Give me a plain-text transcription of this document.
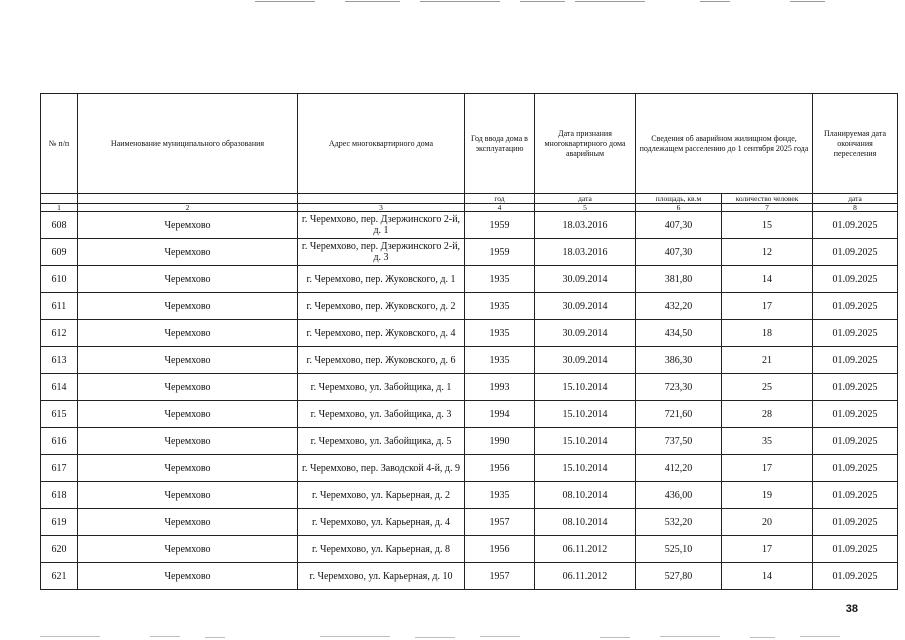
№ п/п	Наименование муниципального образования	Адрес многоквартирного дома	Год ввода дома в эксплуатацию	Дата признания многоквартирного дома аварийным	Сведения об аварийном жилищном фонде, подлежащем расселению до 1 сентября 2025 года		Планируемая дата окончания переселения
			год	дата	площадь, кв.м	количество человек	дата
1	2	3	4	5	6	7	8
608	Черемхово	г. Черемхово, пер. Дзержинского 2-й, д. 1	1959	18.03.2016	407,30	15	01.09.2025
609	Черемхово	г. Черемхово, пер. Дзержинского 2-й, д. 3	1959	18.03.2016	407,30	12	01.09.2025
610	Черемхово	г. Черемхово, пер. Жуковского, д. 1	1935	30.09.2014	381,80	14	01.09.2025
611	Черемхово	г. Черемхово, пер. Жуковского, д. 2	1935	30.09.2014	432,20	17	01.09.2025
612	Черемхово	г. Черемхово, пер. Жуковского, д. 4	1935	30.09.2014	434,50	18	01.09.2025
613	Черемхово	г. Черемхово, пер. Жуковского, д. 6	1935	30.09.2014	386,30	21	01.09.2025
614	Черемхово	г. Черемхово, ул. Забойщика, д. 1	1993	15.10.2014	723,30	25	01.09.2025
615	Черемхово	г. Черемхово, ул. Забойщика, д. 3	1994	15.10.2014	721,60	28	01.09.2025
616	Черемхово	г. Черемхово, ул. Забойщика, д. 5	1990	15.10.2014	737,50	35	01.09.2025
617	Черемхово	г. Черемхово, пер. Заводской 4-й, д. 9	1956	15.10.2014	412,20	17	01.09.2025
618	Черемхово	г. Черемхово, ул. Карьерная, д. 2	1935	08.10.2014	436,00	19	01.09.2025
619	Черемхово	г. Черемхово, ул. Карьерная, д. 4	1957	08.10.2014	532,20	20	01.09.2025
620	Черемхово	г. Черемхово, ул. Карьерная, д. 8	1956	06.11.2012	525,10	17	01.09.2025
621	Черемхово	г. Черемхово, ул. Карьерная, д. 10	1957	06.11.2012	527,80	14	01.09.2025
38
